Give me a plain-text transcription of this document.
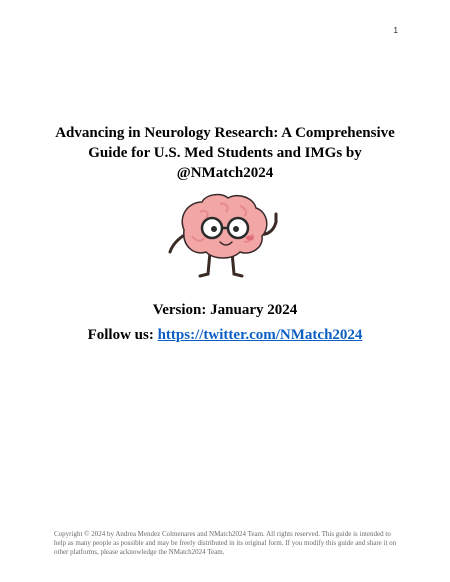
1
Advancing in Neurology Research: A Comprehensive Guide for U.S. Med Students and IMGs by @NMatch2024
Version: January 2024
Follow us: https://twitter.com/NMatch2024
Copyright © 2024 by Andrea Mendez Colmenares and NMatch2024 Team. All rights reserved. This guide is intended to help as many people as possible and may be freely distributed in its original form. If you modify this guide and share it on other platforms, please acknowledge the NMatch2024 Team.
